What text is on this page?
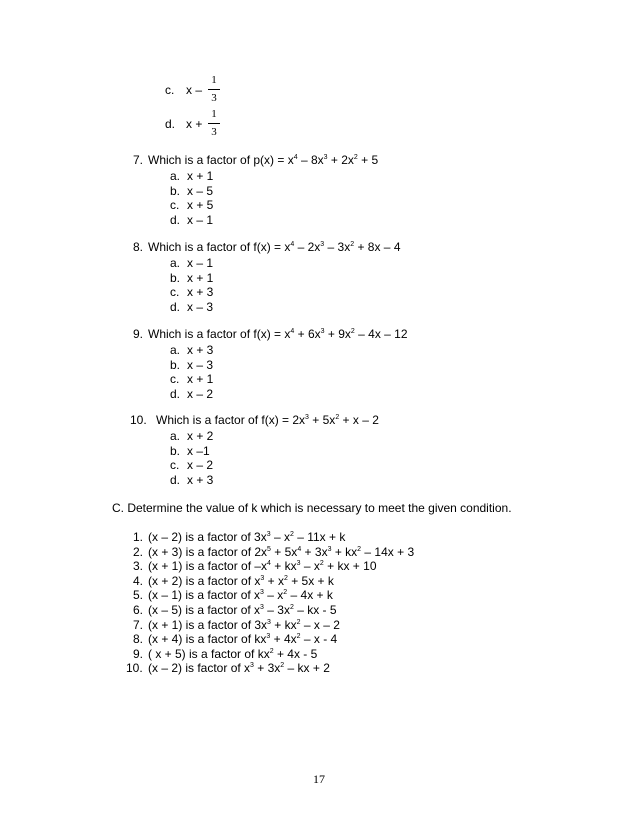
c. x –
1
3
d. x +
1
3
7. Which is a factor of $p(x) = x^4 - 8x^3 + 2x^2 + 5$
a. x + 1
b. x – 5
c. x + 5
d. x – 1
8. Which is a factor of $f(x) = x^4 - 2x^3 - 3x^2 + 8x - 4$
a. x – 1
b. x + 1
c. x + 3
d. x – 3
9. Which is a factor of $f(x) = x^4 + 6x^3 + 9x^2 - 4x - 12$
a. x + 3
b. x – 3
c. x + 1
d. x – 2
10. Which is a factor of $f(x) = 2x^3 + 5x^2 + x - 2$
a. x + 2
b. x –1
c. x – 2
d. x + 3
C. Determine the value of k which is necessary to meet the given condition.
1. (x – 2) is a factor of $3x^3 - x^2 - 11x + k$
2. (x + 3) is a factor of $2x^5 + 5x^4 + 3x^3 + kx^2 - 14x + 3$
3. (x + 1) is a factor of $-x^4 + kx^3 - x^2$ + kx + 10
4. (x + 2) is a factor of $x^3 + x^2 + 5x + k$
5. (x – 1) is a factor of $x^3 - x^2 - 4x + k$
6. (x – 5) is a factor of $x^3 - 3x^2$ – kx - 5
7. (x + 1) is a factor of $3x^3 + kx^2 - x - 2$
8. (x + 4) is a factor of $kx^3 + 4x^2 - x - 4$
9. ( x + 5) is a factor of $kx^2 + 4x - 5$
10. (x – 2) is factor of $x^3 + 3x^2$ – kx + 2
17
